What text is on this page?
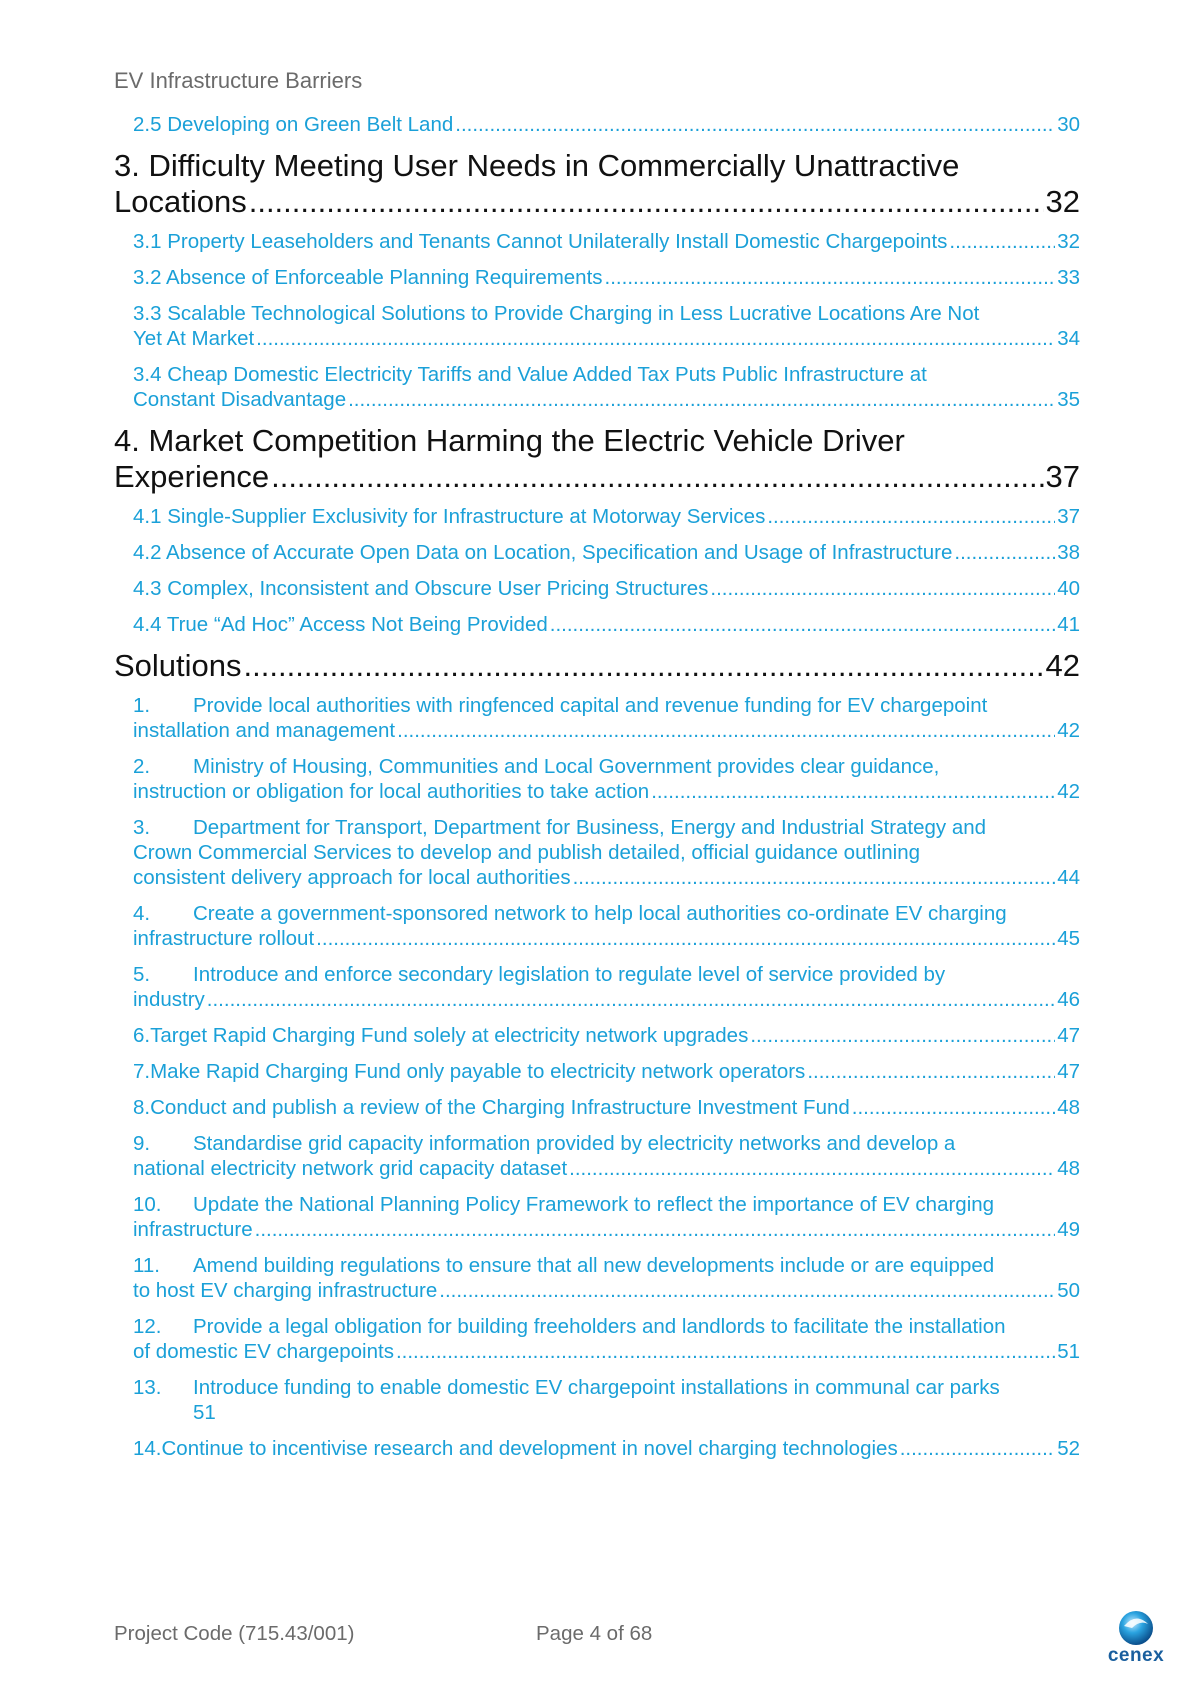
EV Infrastructure Barriers
2.5 Developing on Green Belt Land .....	30
3. Difficulty Meeting User Needs in Commercially Unattractive
Locations .....	32
3.1 Property Leaseholders and Tenants Cannot Unilaterally Install Domestic Chargepoints .....	32
3.2 Absence of Enforceable Planning Requirements .....	33
3.3 Scalable Technological Solutions to Provide Charging in Less Lucrative Locations Are Not
Yet At Market .....	34
3.4 Cheap Domestic Electricity Tariffs and Value Added Tax Puts Public Infrastructure at
Constant Disadvantage .....	35
4. Market Competition Harming the Electric Vehicle Driver
Experience .....	37
4.1 Single-Supplier Exclusivity for Infrastructure at Motorway Services .....	37
4.2 Absence of Accurate Open Data on Location, Specification and Usage of Infrastructure .....	38
4.3 Complex, Inconsistent and Obscure User Pricing Structures .....	40
4.4 True “Ad Hoc” Access Not Being Provided .....	41
Solutions .....	42
1. Provide local authorities with ringfenced capital and revenue funding for EV chargepoint
installation and management .....	42
2. Ministry of Housing, Communities and Local Government provides clear guidance,
instruction or obligation for local authorities to take action .....	42
3. Department for Transport, Department for Business, Energy and Industrial Strategy and
Crown Commercial Services to develop and publish detailed, official guidance outlining
consistent delivery approach for local authorities .....	44
4. Create a government-sponsored network to help local authorities co-ordinate EV charging
infrastructure rollout .....	45
5. Introduce and enforce secondary legislation to regulate level of service provided by
industry .....	46
6. Target Rapid Charging Fund solely at electricity network upgrades .....	47
7. Make Rapid Charging Fund only payable to electricity network operators .....	47
8. Conduct and publish a review of the Charging Infrastructure Investment Fund .....	48
9. Standardise grid capacity information provided by electricity networks and develop a
national electricity network grid capacity dataset .....	48
10. Update the National Planning Policy Framework to reflect the importance of EV charging
infrastructure .....	49
11. Amend building regulations to ensure that all new developments include or are equipped
to host EV charging infrastructure .....	50
12. Provide a legal obligation for building freeholders and landlords to facilitate the installation
of domestic EV chargepoints .....	51
13. Introduce funding to enable domestic EV chargepoint installations in communal car parks
51
14. Continue to incentivise research and development in novel charging technologies .....	52
Project Code (715.43/001)	Page 4 of 68
cenex
